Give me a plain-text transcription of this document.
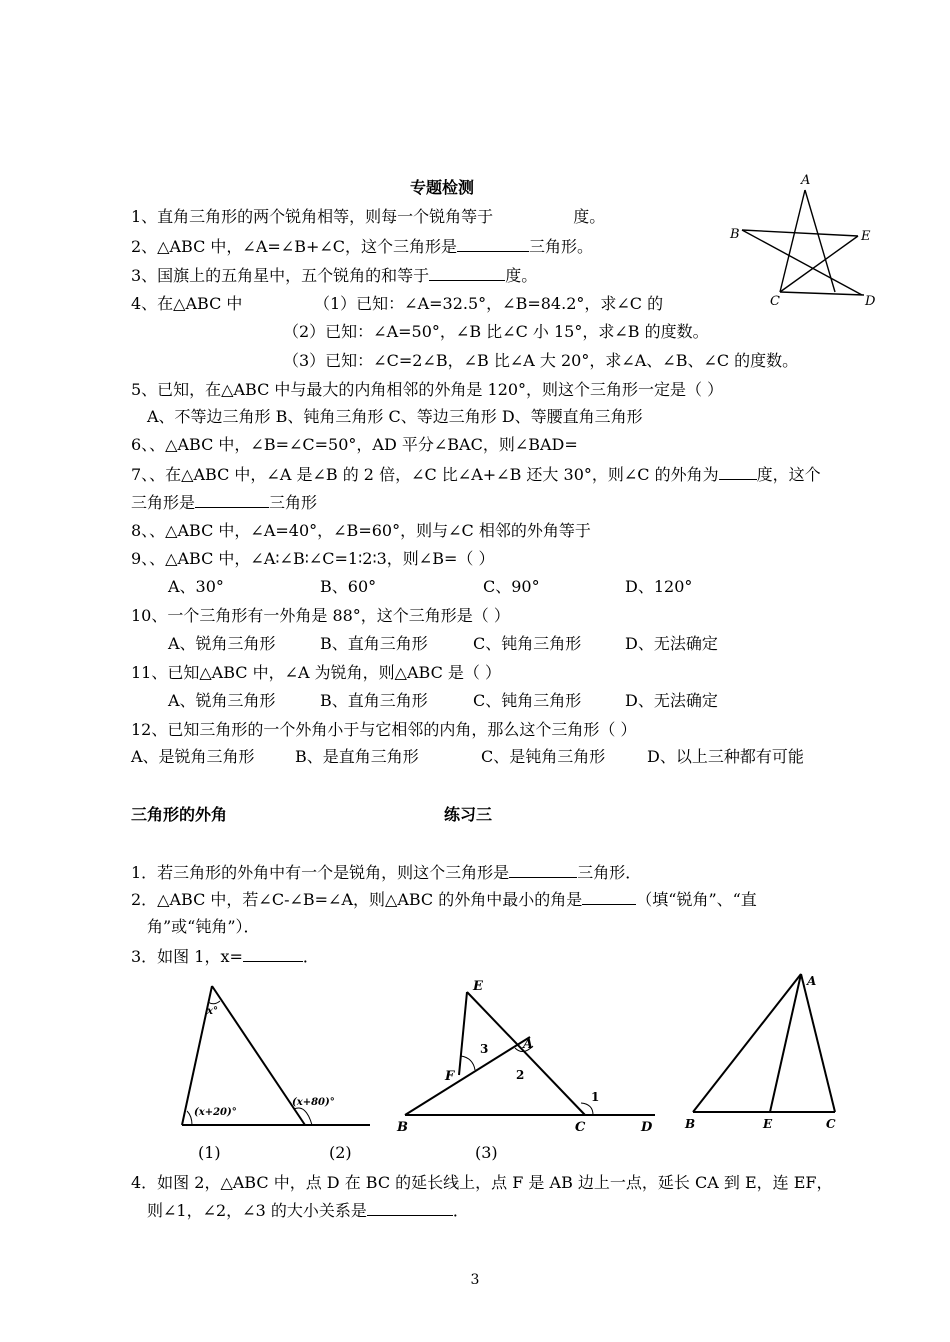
专题检测
1、直角三角形的两个锐角相等，则每一个锐角等于	度。
2、△ABC 中，∠A=∠B+∠C，这个三角形是	三角形。
3、国旗上的五角星中，五个锐角的和等于	度。
4、在△ABC 中	（1）已知：∠A=32.5°，∠B=84.2°，求∠C 的
（2）已知：∠A=50°，∠B 比∠C 小 15°，求∠B 的度数。
（3）已知：∠C=2∠B，∠B 比∠A 大 20°，求∠A、∠B、∠C 的度数。
5、已知，在△ABC 中与最大的内角相邻的外角是 120°，则这个三角形一定是（ ）
A、不等边三角形 B、钝角三角形 C、等边三角形 D、等腰直角三角形
6、、△ABC 中，∠B=∠C=50°，AD 平分∠BAC，则∠BAD=
7、、在△ABC 中，∠A 是∠B 的 2 倍，∠C 比∠A+∠B 还大 30°，则∠C 的外角为 度，这个
三角形是	三角形
8、、△ABC 中，∠A=40°，∠B=60°，则与∠C 相邻的外角等于
9、、△ABC 中，∠A∶∠B∶∠C=1∶2∶3，则∠B=（ ）
A、30°	B、60°	C、90°	D、120°
10、一个三角形有一外角是 88°，这个三角形是（ ）
A、锐角三角形	B、直角三角形	C、钝角三角形	D、无法确定
11、已知△ABC 中，∠A 为锐角，则△ABC 是（ ）
A、锐角三角形	B、直角三角形	C、钝角三角形	D、无法确定
12、已知三角形的一个外角小于与它相邻的内角，那么这个三角形（ ）
A、是锐角三角形	B、是直角三角形	C、是钝角三角形	D、以上三种都有可能
A
B	E
C	D
三角形的外角	练习三
1．若三角形的外角中有一个是锐角，则这个三角形是	三角形．
2．△ABC 中，若∠C-∠B=∠A，则△ABC 的外角中最小的角是	（填“锐角”、“直
角”或“钝角”）．
3．如图 1，x=	．
x°
(x+20)°
(x+80)°
E
A
F
B	C	D
1
2
3
A
B	E	C
(1)	(2)	(3)
4．如图 2，△ABC 中，点 D 在 BC 的延长线上，点 F 是 AB 边上一点，延长 CA 到 E，连 EF，
则∠1，∠2，∠3 的大小关系是	．
3
